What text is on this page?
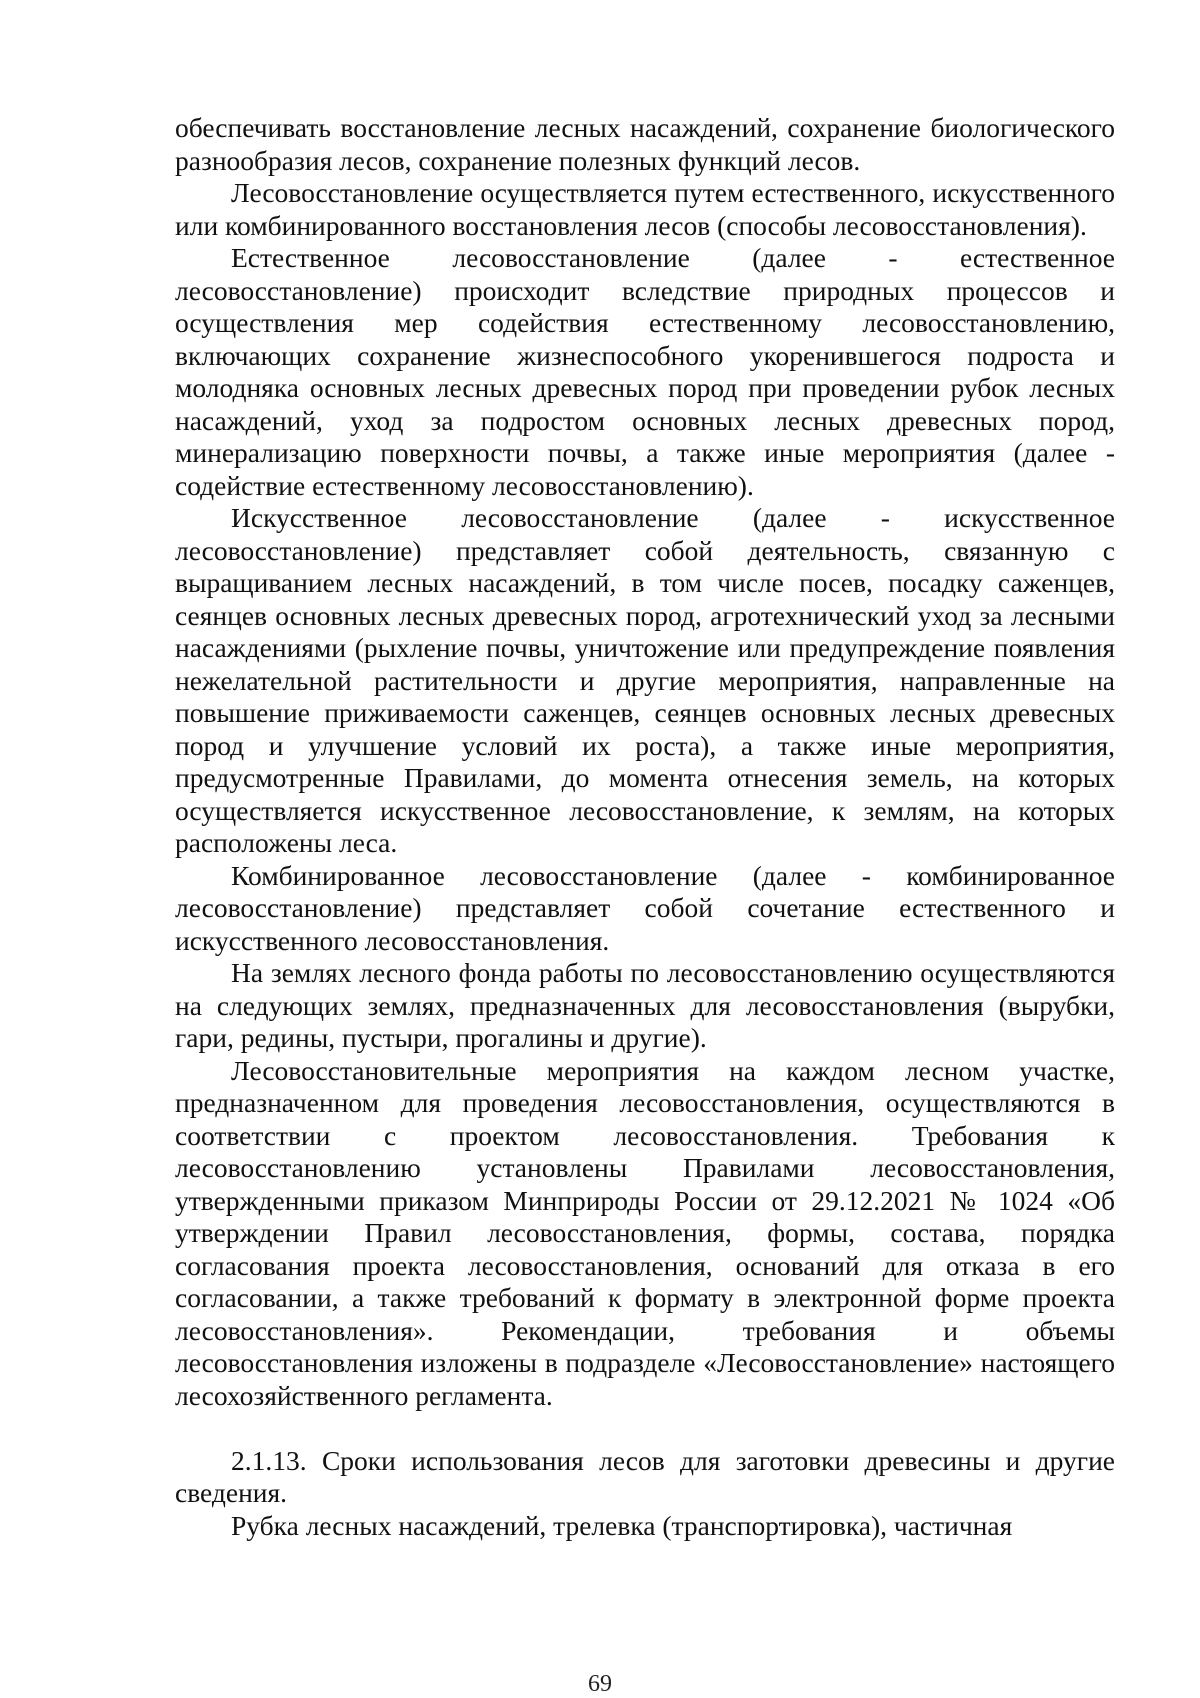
обеспечивать восстановление лесных насаждений, сохранение биологического разнообразия лесов, сохранение полезных функций лесов.

Лесовосстановление осуществляется путем естественного, искусственного или комбинированного восстановления лесов (способы лесовосстановления).

Естественное лесовосстановление (далее - естественное лесовосстановление) происходит вследствие природных процессов и осуществления мер содействия естественному лесовосстановлению, включающих сохранение жизнеспособного укоренившегося подроста и молодняка основных лесных древесных пород при проведении рубок лесных насаждений, уход за подростом основных лесных древесных пород, минерализацию поверхности почвы, а также иные мероприятия (далее - содействие естественному лесовосстановлению).

Искусственное лесовосстановление (далее - искусственное лесовосстановление) представляет собой деятельность, связанную с выращиванием лесных насаждений, в том числе посев, посадку саженцев, сеянцев основных лесных древесных пород, агротехнический уход за лесными насаждениями (рыхление почвы, уничтожение или предупреждение появления нежелательной растительности и другие мероприятия, направленные на повышение приживаемости саженцев, сеянцев основных лесных древесных пород и улучшение условий их роста), а также иные мероприятия, предусмотренные Правилами, до момента отнесения земель, на которых осуществляется искусственное лесовосстановление, к землям, на которых расположены леса.

Комбинированное лесовосстановление (далее - комбинированное лесовосстановление) представляет собой сочетание естественного и искусственного лесовосстановления.

На землях лесного фонда работы по лесовосстановлению осуществляются на следующих землях, предназначенных для лесовосстановления (вырубки, гари, редины, пустыри, прогалины и другие).

Лесовосстановительные мероприятия на каждом лесном участке, предназначенном для проведения лесовосстановления, осуществляются в соответствии с проектом лесовосстановления. Требования к лесовосстановлению установлены Правилами лесовосстановления, утвержденными приказом Минприроды России от 29.12.2021 № 1024 «Об утверждении Правил лесовосстановления, формы, состава, порядка согласования проекта лесовосстановления, оснований для отказа в его согласовании, а также требований к формату в электронной форме проекта лесовосстановления». Рекомендации, требования и объемы лесовосстановления изложены в подразделе «Лесовосстановление» настоящего лесохозяйственного регламента.

2.1.13. Сроки использования лесов для заготовки древесины и другие сведения.

Рубка лесных насаждений, трелевка (транспортировка), частичная

69
